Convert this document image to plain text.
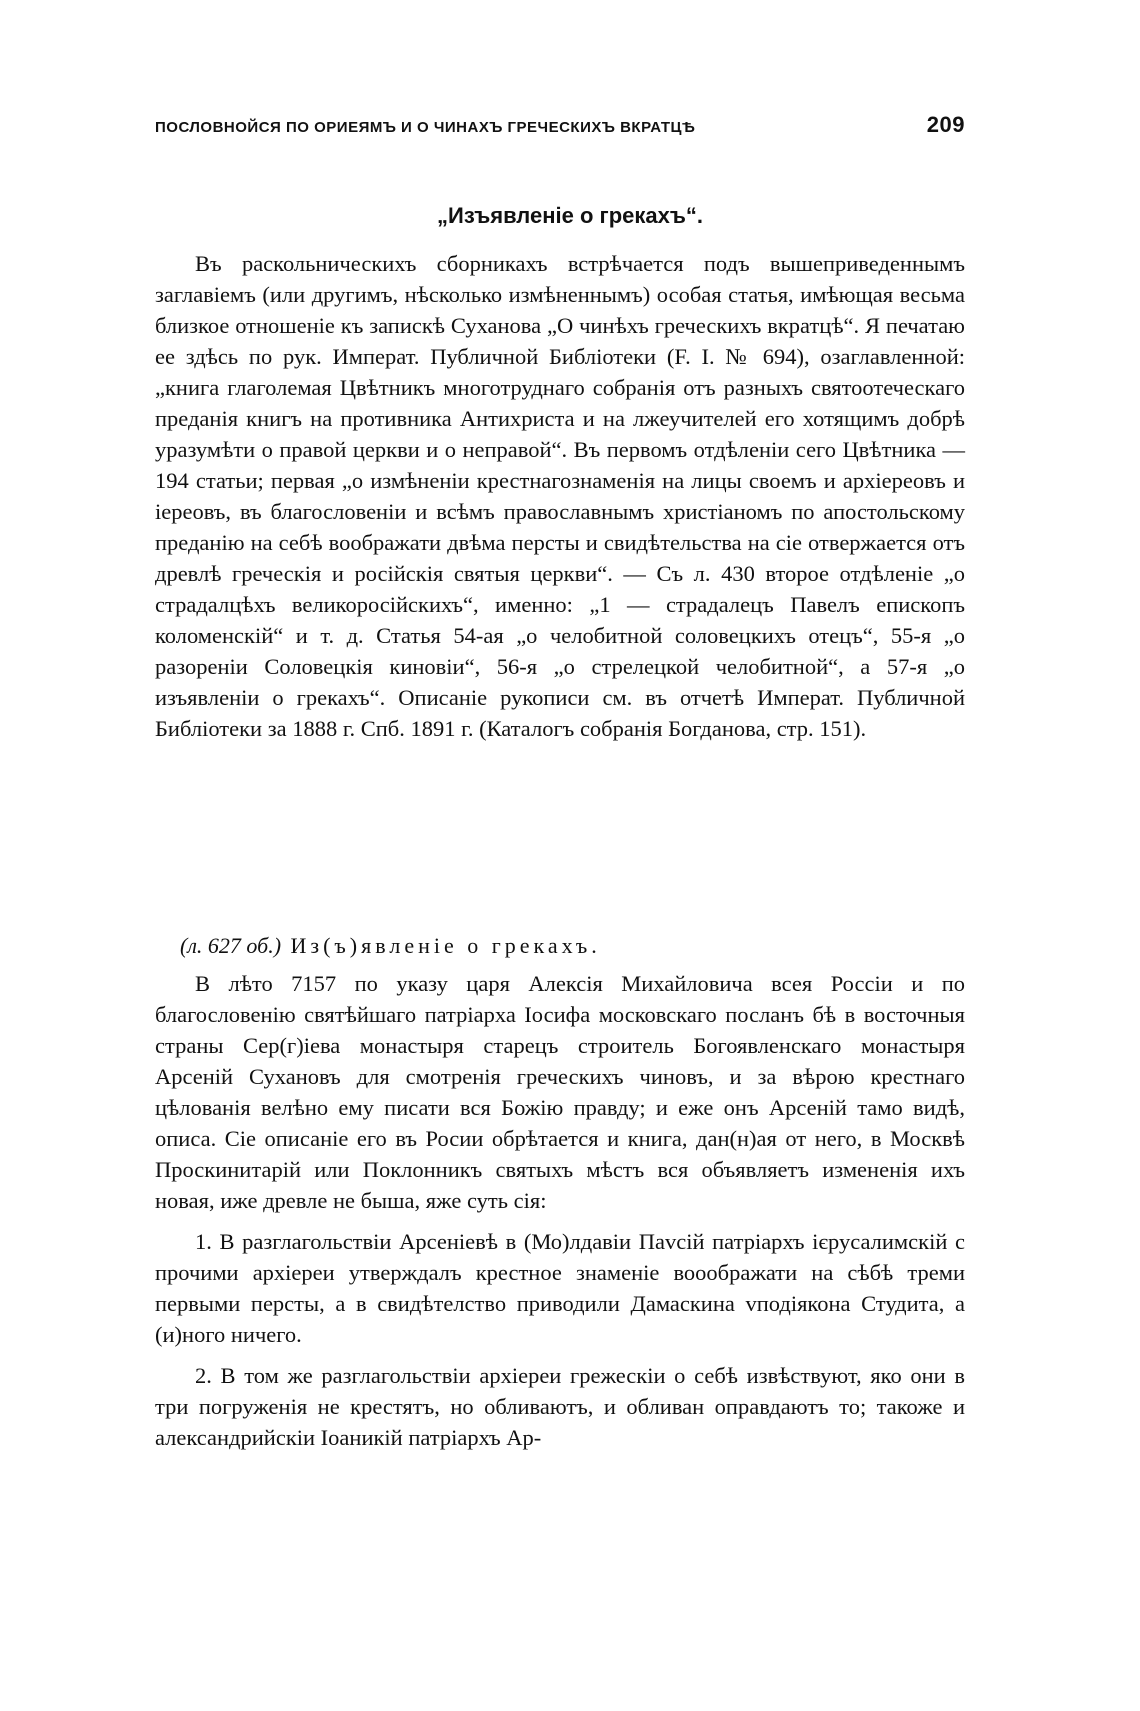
ПОСЛОВНОЙСЯ ПО ОРИЕЯМЪ И О ЧИНАХЪ ГРЕЧЕСКИХЪ ВКРАТЦѢ	209
„Изъявленіе о грекахъ“.

Въ раскольническихъ сборникахъ встрѣчается подъ вышеприведеннымъ заглавіемъ (или другимъ, нѣсколько измѣненнымъ) особая статья, имѣющая весьма близкое отношеніе къ запискѣ Суханова „О чинѣхъ греческихъ вкратцѣ“. Я печатаю ее здѣсь по рук. Императ. Публичной Библіотеки (F. I. № 694), озаглавленной: „книга глаголемая Цвѣтникъ многотруднаго собранія отъ разныхъ святоотеческаго преданія книгъ на противника Антихриста и на лжеучителей его хотящимъ добрѣ уразумѣти о правой церкви и о неправой“. Въ первомъ отдѣленіи сего Цвѣтника — 194 статьи; первая „о измѣненіи крестнагознаменія на лицы своемъ и архіереовъ и іереовъ, въ благословеніи и всѣмъ православнымъ христіаномъ по апостольскому преданію на себѣ воображати двѣма персты и свидѣтельства на сіе отвержается отъ древлѣ греческія и російскія святыя церкви“. — Съ л. 430 второе отдѣленіе „о страдалцѣхъ великоросійскихъ“, именно: „1 — страдалецъ Павелъ епископъ коломенскій“ и т. д. Статья 54-ая „о челобитной соловецкихъ отецъ“, 55-я „о разореніи Соловецкія киновіи“, 56-я „о стрелецкой челобитной“, а 57-я „о изъявленіи о грекахъ“. Описаніе рукописи см. въ отчетѣ Императ. Публичной Библіотеки за 1888 г. Спб. 1891 г. (Каталогъ собранія Богданова, стр. 151).

(л. 627 об.) Из(ъ)явленіе о грекахъ.

В лѣто 7157 по указу царя Алексія Михайловича всея Россіи и по благословенію святѣйшаго патріарха Іосифа московскаго посланъ бѣ в восточныя страны Сер(г)іева монастыря старецъ строитель Богоявленскаго монастыря Арсеній Сухановъ для смотренія греческихъ чиновъ, и за вѣрою крестнаго цѣлованія велѣно ему писати вся Божію правду; и еже онъ Арсеній тамо видѣ, описа. Сіе описаніе его въ Росии обрѣтается и книга, дан(н)ая от него, в Москвѣ Проскинитарій или Поклонникъ святыхъ мѣстъ вся объявляетъ измененія ихъ новая, иже древле не быша, яже суть сія:

1. В разглагольствіи Арсеніевѣ в (Мо)лдавіи Паvсій патріархъ ієрусалимскій с прочими архіереи утверждалъ крестное знаменіе вооображати на сѣбѣ треми первыми персты, а в свидѣтелство приводили Дамаскина vподіякона Студита, а (и)ного ничего.

2. В том же разглагольствіи архіереи грежескіи о себѣ извѣствуют, яко они в три погруженія не крестятъ, но обливаютъ, и обливан оправдаютъ то; такоже и александрийскіи Іоаникій патріархъ Ар-
